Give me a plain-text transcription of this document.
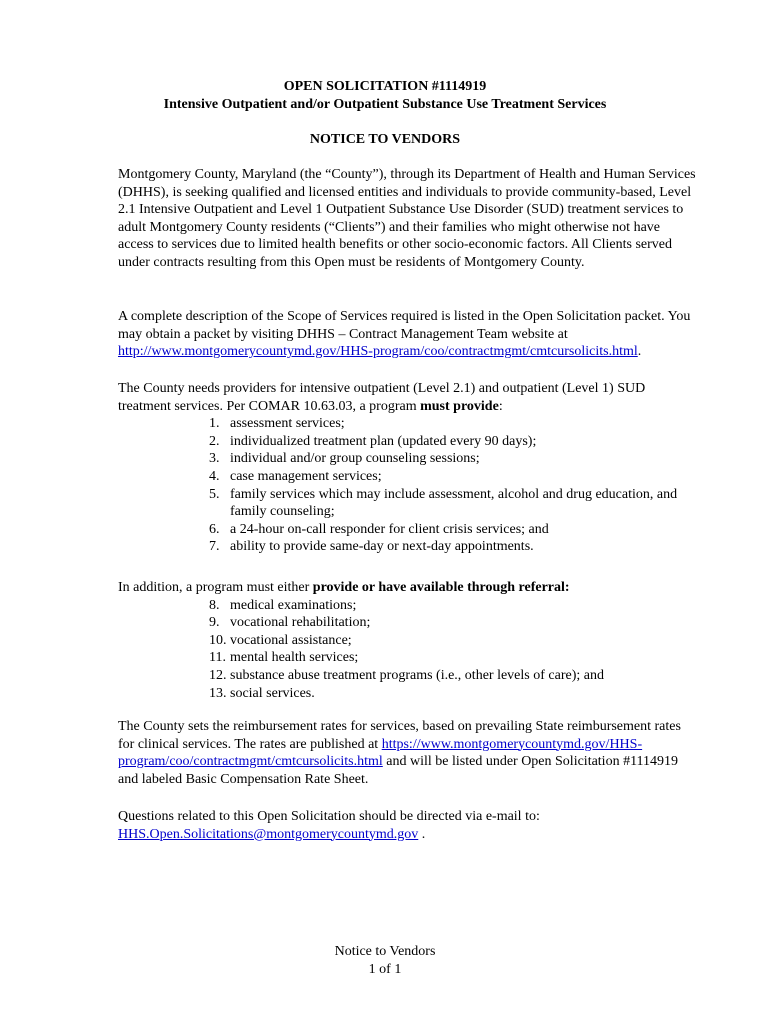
OPEN SOLICITATION #1114919
Intensive Outpatient and/or Outpatient Substance Use Treatment Services
NOTICE TO VENDORS

Montgomery County, Maryland (the “County”), through its Department of Health and Human Services (DHHS), is seeking qualified and licensed entities and individuals to provide community-based, Level 2.1 Intensive Outpatient and Level 1 Outpatient Substance Use Disorder (SUD) treatment services to adult Montgomery County residents (“Clients”) and their families who might otherwise not have access to services due to limited health benefits or other socio-economic factors. All Clients served under contracts resulting from this Open must be residents of Montgomery County.

A complete description of the Scope of Services required is listed in the Open Solicitation packet. You may obtain a packet by visiting DHHS – Contract Management Team website at http://www.montgomerycountymd.gov/HHS-program/coo/contractmgmt/cmtcursolicits.html.

The County needs providers for intensive outpatient (Level 2.1) and outpatient (Level 1) SUD treatment services. Per COMAR 10.63.03, a program must provide:
1. assessment services;
2. individualized treatment plan (updated every 90 days);
3. individual and/or group counseling sessions;
4. case management services;
5. family services which may include assessment, alcohol and drug education, and family counseling;
6. a 24-hour on-call responder for client crisis services; and
7. ability to provide same-day or next-day appointments.
In addition, a program must either provide or have available through referral:
8. medical examinations;
9. vocational rehabilitation;
10. vocational assistance;
11. mental health services;
12. substance abuse treatment programs (i.e., other levels of care); and
13. social services.

The County sets the reimbursement rates for services, based on prevailing State reimbursement rates for clinical services. The rates are published at https://www.montgomerycountymd.gov/HHS-program/coo/contractmgmt/cmtcursolicits.html and will be listed under Open Solicitation #1114919 and labeled Basic Compensation Rate Sheet.

Questions related to this Open Solicitation should be directed via e-mail to:
HHS.Open.Solicitations@montgomerycountymd.gov .

Notice to Vendors
1 of 1
